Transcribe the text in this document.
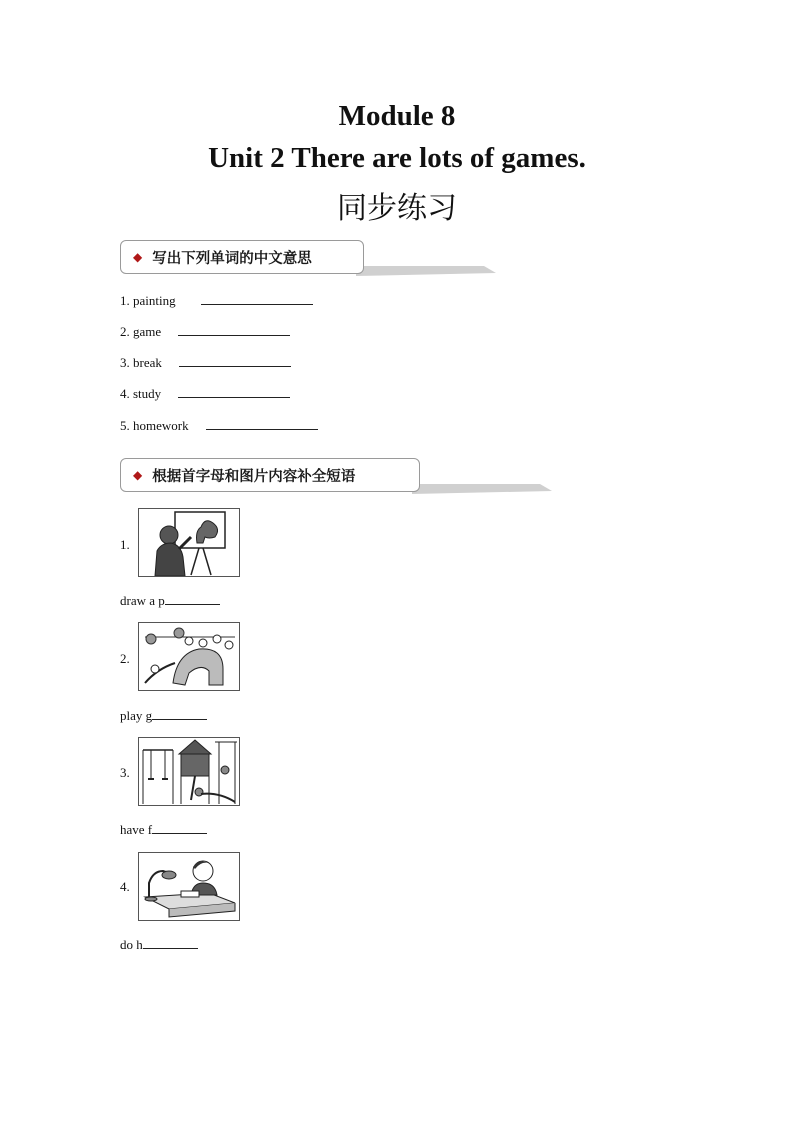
Module 8
Unit 2 There are lots of games.
同步练习
◆ 写出下列单词的中文意思
1. painting
2. game
3. break
4. study
5. homework
◆ 根据首字母和图片内容补全短语
1.
draw a p
2.
play g
3.
have f
4.
do h
